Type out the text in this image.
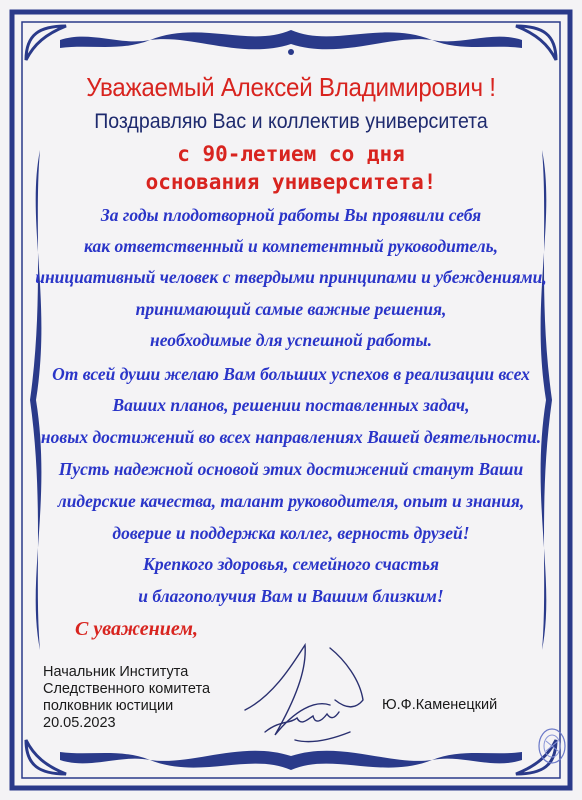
Уважаемый Алексей Владимирович !
Поздравляю Вас и коллектив университета
с 90-летием со дня
основания университета!
За годы плодотворной работы Вы проявили себя
как ответственный и компетентный руководитель,
инициативный человек с твердыми принципами и убеждениями,
принимающий самые важные решения,
необходимые для успешной работы.
От всей души желаю Вам больших успехов в реализации всех
Ваших планов, решении поставленных задач,
новых достижений во всех направлениях Вашей деятельности.
Пусть надежной основой этих достижений станут Ваши
лидерские качества, талант руководителя, опыт и знания,
доверие и поддержка коллег, верность друзей!
Крепкого здоровья, семейного счастья
и благополучия Вам и Вашим близким!
С уважением,
Начальник Института
Следственного комитета
полковник юстиции
20.05.2023
Ю.Ф.Каменецкий
